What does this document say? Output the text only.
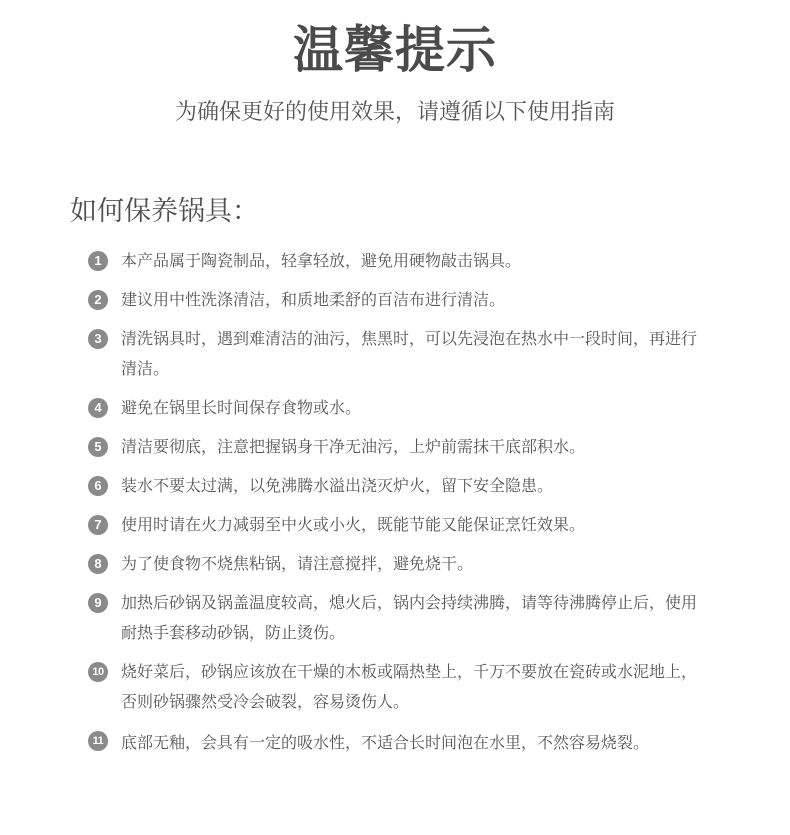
温馨提示
为确保更好的使用效果，请遵循以下使用指南
如何保养锅具：
1	本产品属于陶瓷制品，轻拿轻放，避免用硬物敲击锅具。
2	建议用中性洗涤清洁，和质地柔舒的百洁布进行清洁。
3	清洗锅具时，遇到难清洁的油污，焦黑时，可以先浸泡在热水中一段时间，再进行清洁。
4	避免在锅里长时间保存食物或水。
5	清洁要彻底，注意把握锅身干净无油污，上炉前需抹干底部积水。
6	装水不要太过满，以免沸腾水溢出浇灭炉火，留下安全隐患。
7	使用时请在火力减弱至中火或小火，既能节能又能保证烹饪效果。
8	为了使食物不烧焦粘锅，请注意搅拌，避免烧干。
9	加热后砂锅及锅盖温度较高，熄火后，锅内会持续沸腾，请等待沸腾停止后，使用耐热手套移动砂锅，防止烫伤。
10 烧好菜后，砂锅应该放在干燥的木板或隔热垫上，千万不要放在瓷砖或水泥地上，否则砂锅骤然受冷会破裂，容易烫伤人。
11 底部无釉，会具有一定的吸水性，不适合长时间泡在水里，不然容易烧裂。
